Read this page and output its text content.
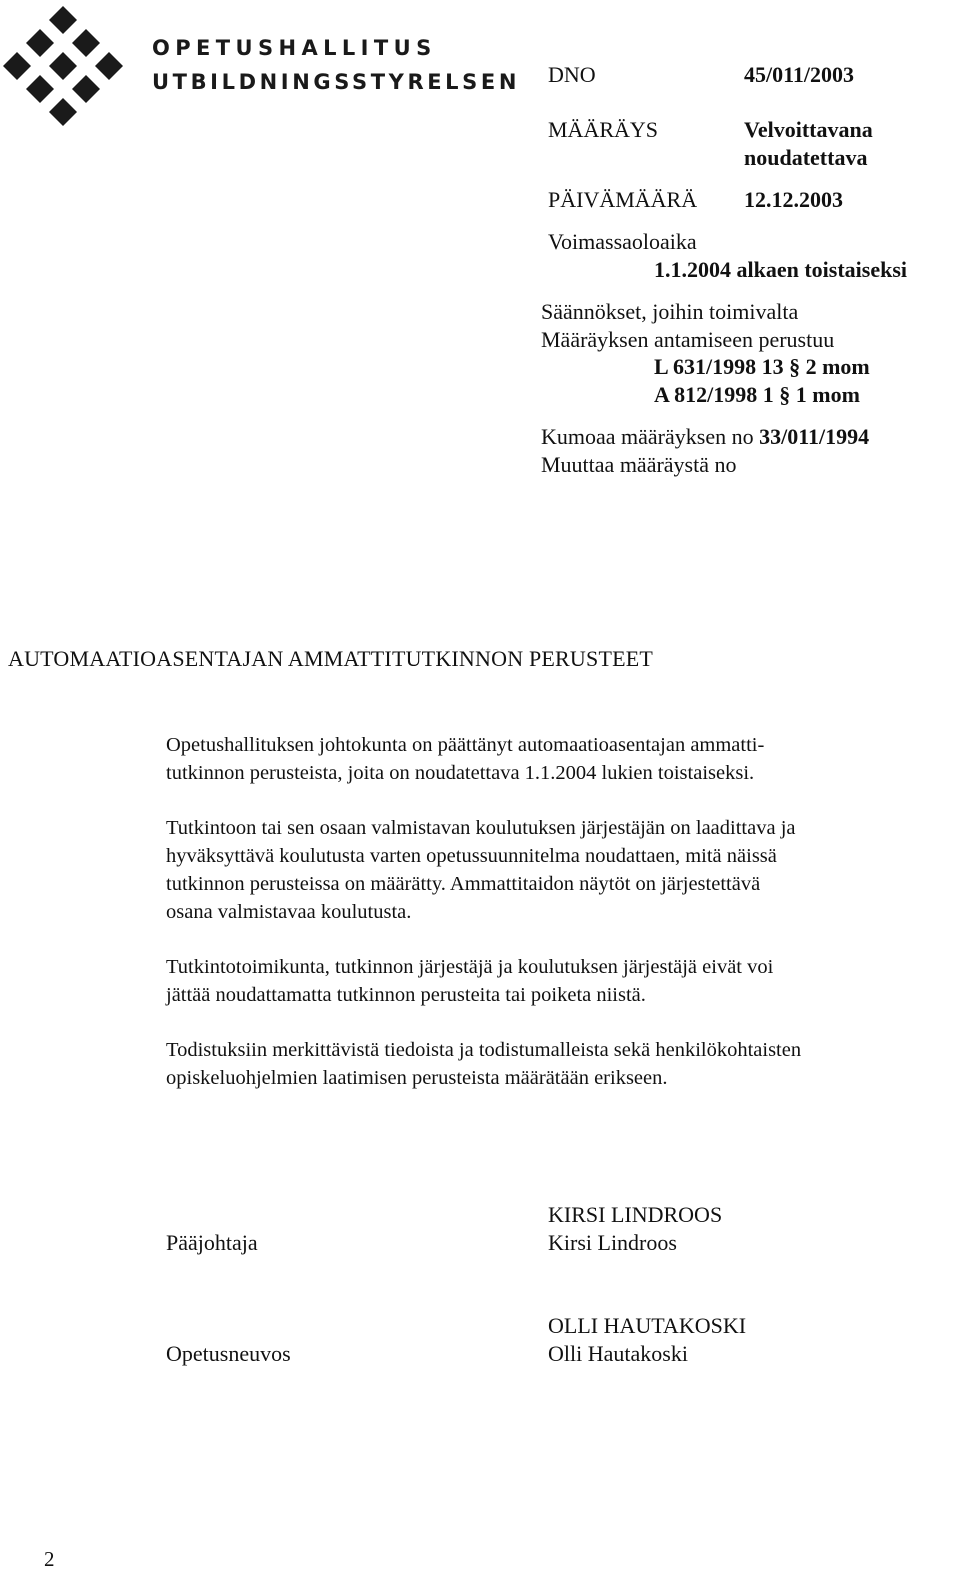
OPETUSHALLITUS
UTBILDNINGSSTYRELSEN DNO	45/011/2003
MÄÄRÄYS	Velvoittavana
noudatettava
PÄIVÄMÄÄRÄ 12.12.2003
Voimassaoloaika
1.1.2004 alkaen toistaiseksi
Säännökset, joihin toimivalta
Määräyksen antamiseen perustuu
L 631/1998 13 § 2 mom
A 812/1998 1 § 1 mom
Kumoaa määräyksen no 33/011/1994
Muuttaa määräystä no
AUTOMAATIOASENTAJAN AMMATTITUTKINNON PERUSTEET

Opetushallituksen johtokunta on päättänyt automaatioasentajan ammatti-

tutkinnon perusteista, joita on noudatettava 1.1.2004 lukien toistaiseksi.

Tutkintoon tai sen osaan valmistavan koulutuksen järjestäjän on laadittava ja

hyväksyttävä koulutusta varten opetussuunnitelma noudattaen, mitä näissä

tutkinnon perusteissa on määrätty. Ammattitaidon näytöt on järjestettävä

osana valmistavaa koulutusta.

Tutkintotoimikunta, tutkinnon järjestäjä ja koulutuksen järjestäjä eivät voi

jättää noudattamatta tutkinnon perusteita tai poiketa niistä.

Todistuksiin merkittävistä tiedoista ja todistumalleista sekä henkilökohtaisten

opiskeluohjelmien laatimisen perusteista määrätään erikseen.

KIRSI LINDROOS
Pääjohtaja	Kirsi Lindroos
OLLI HAUTAKOSKI
Opetusneuvos	Olli Hautakoski
2
